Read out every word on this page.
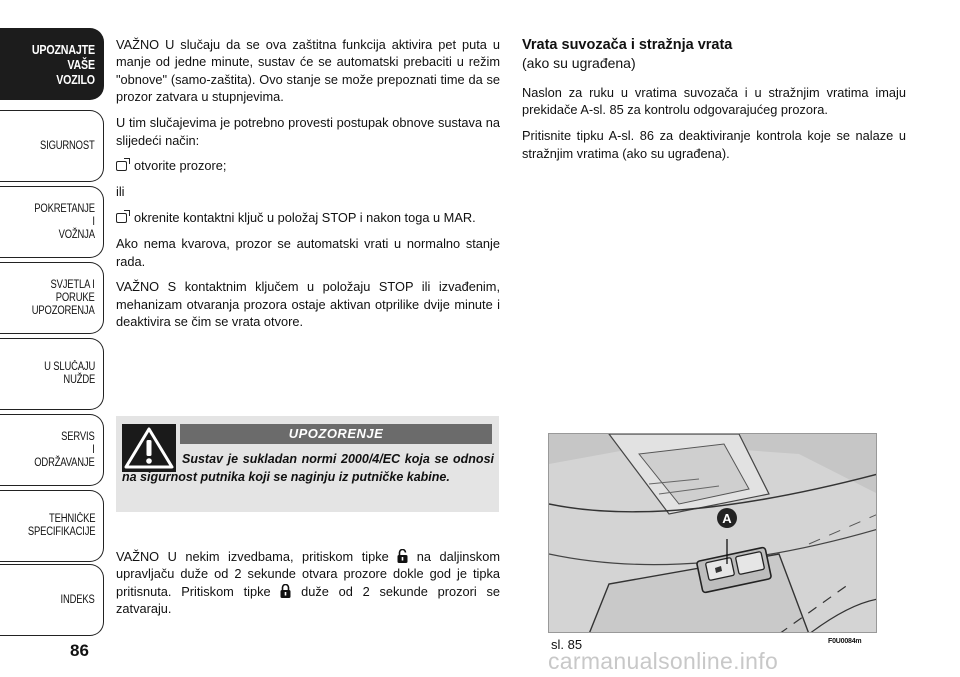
UPOZNAJTE
VAŠE
VOZILO
SIGURNOST
POKRETANJE
I
VOŽNJA
SVJETLA I
PORUKE
UPOZORENJA
U SLUČAJU
NUŽDE
SERVIS
I
ODRŽAVANJE
TEHNIČKE
SPECIFIKACIJE
INDEKS
86

VAŽNO U slučaju da se ova zaštitna funkcija aktivira pet puta u manje od jedne minute, sustav će se automatski prebaciti u režim "obnove" (samo-zaštita). Ovo stanje se može prepoznati time da se prozor zatvara u stupnjevima.

U tim slučajevima je potrebno provesti postupak obnove sustava na slijedeći način:

otvorite prozore;

ili

okrenite kontaktni ključ u položaj STOP i nakon toga u MAR.

Ako nema kvarova, prozor se automatski vrati u normalno stanje rada.

VAŽNO S kontaktnim ključem u položaju STOP ili izvađenim, mehanizam otvaranja prozora ostaje aktivan otprilike dvije minute i deaktivira se čim se vrata otvore.

UPOZORENJE
Sustav je sukladan normi 2000/4/EC koja se odnosi na sigurnost putnika koji se naginju iz putničke kabine.

VAŽNO U nekim izvedbama, pritiskom tipke na daljinskom upravljaču duže od 2 sekunde otvara prozore dokle god je tipka pritisnuta. Pritiskom tipke duže od 2 sekunde prozori se zatvaraju.

Vrata suvozača i stražnja vrata
(ako su ugrađena)

Naslon za ruku u vratima suvozača i u stražnjim vratima imaju prekidače A-sl. 85 za kontrolu odgovarajućeg prozora.

Pritisnite tipku A-sl. 86 za deaktiviranje kontrola koje se nalaze u stražnjim vratima (ako su ugrađena).

A
sl. 85	F0U0084m
carmanualsonline.info
